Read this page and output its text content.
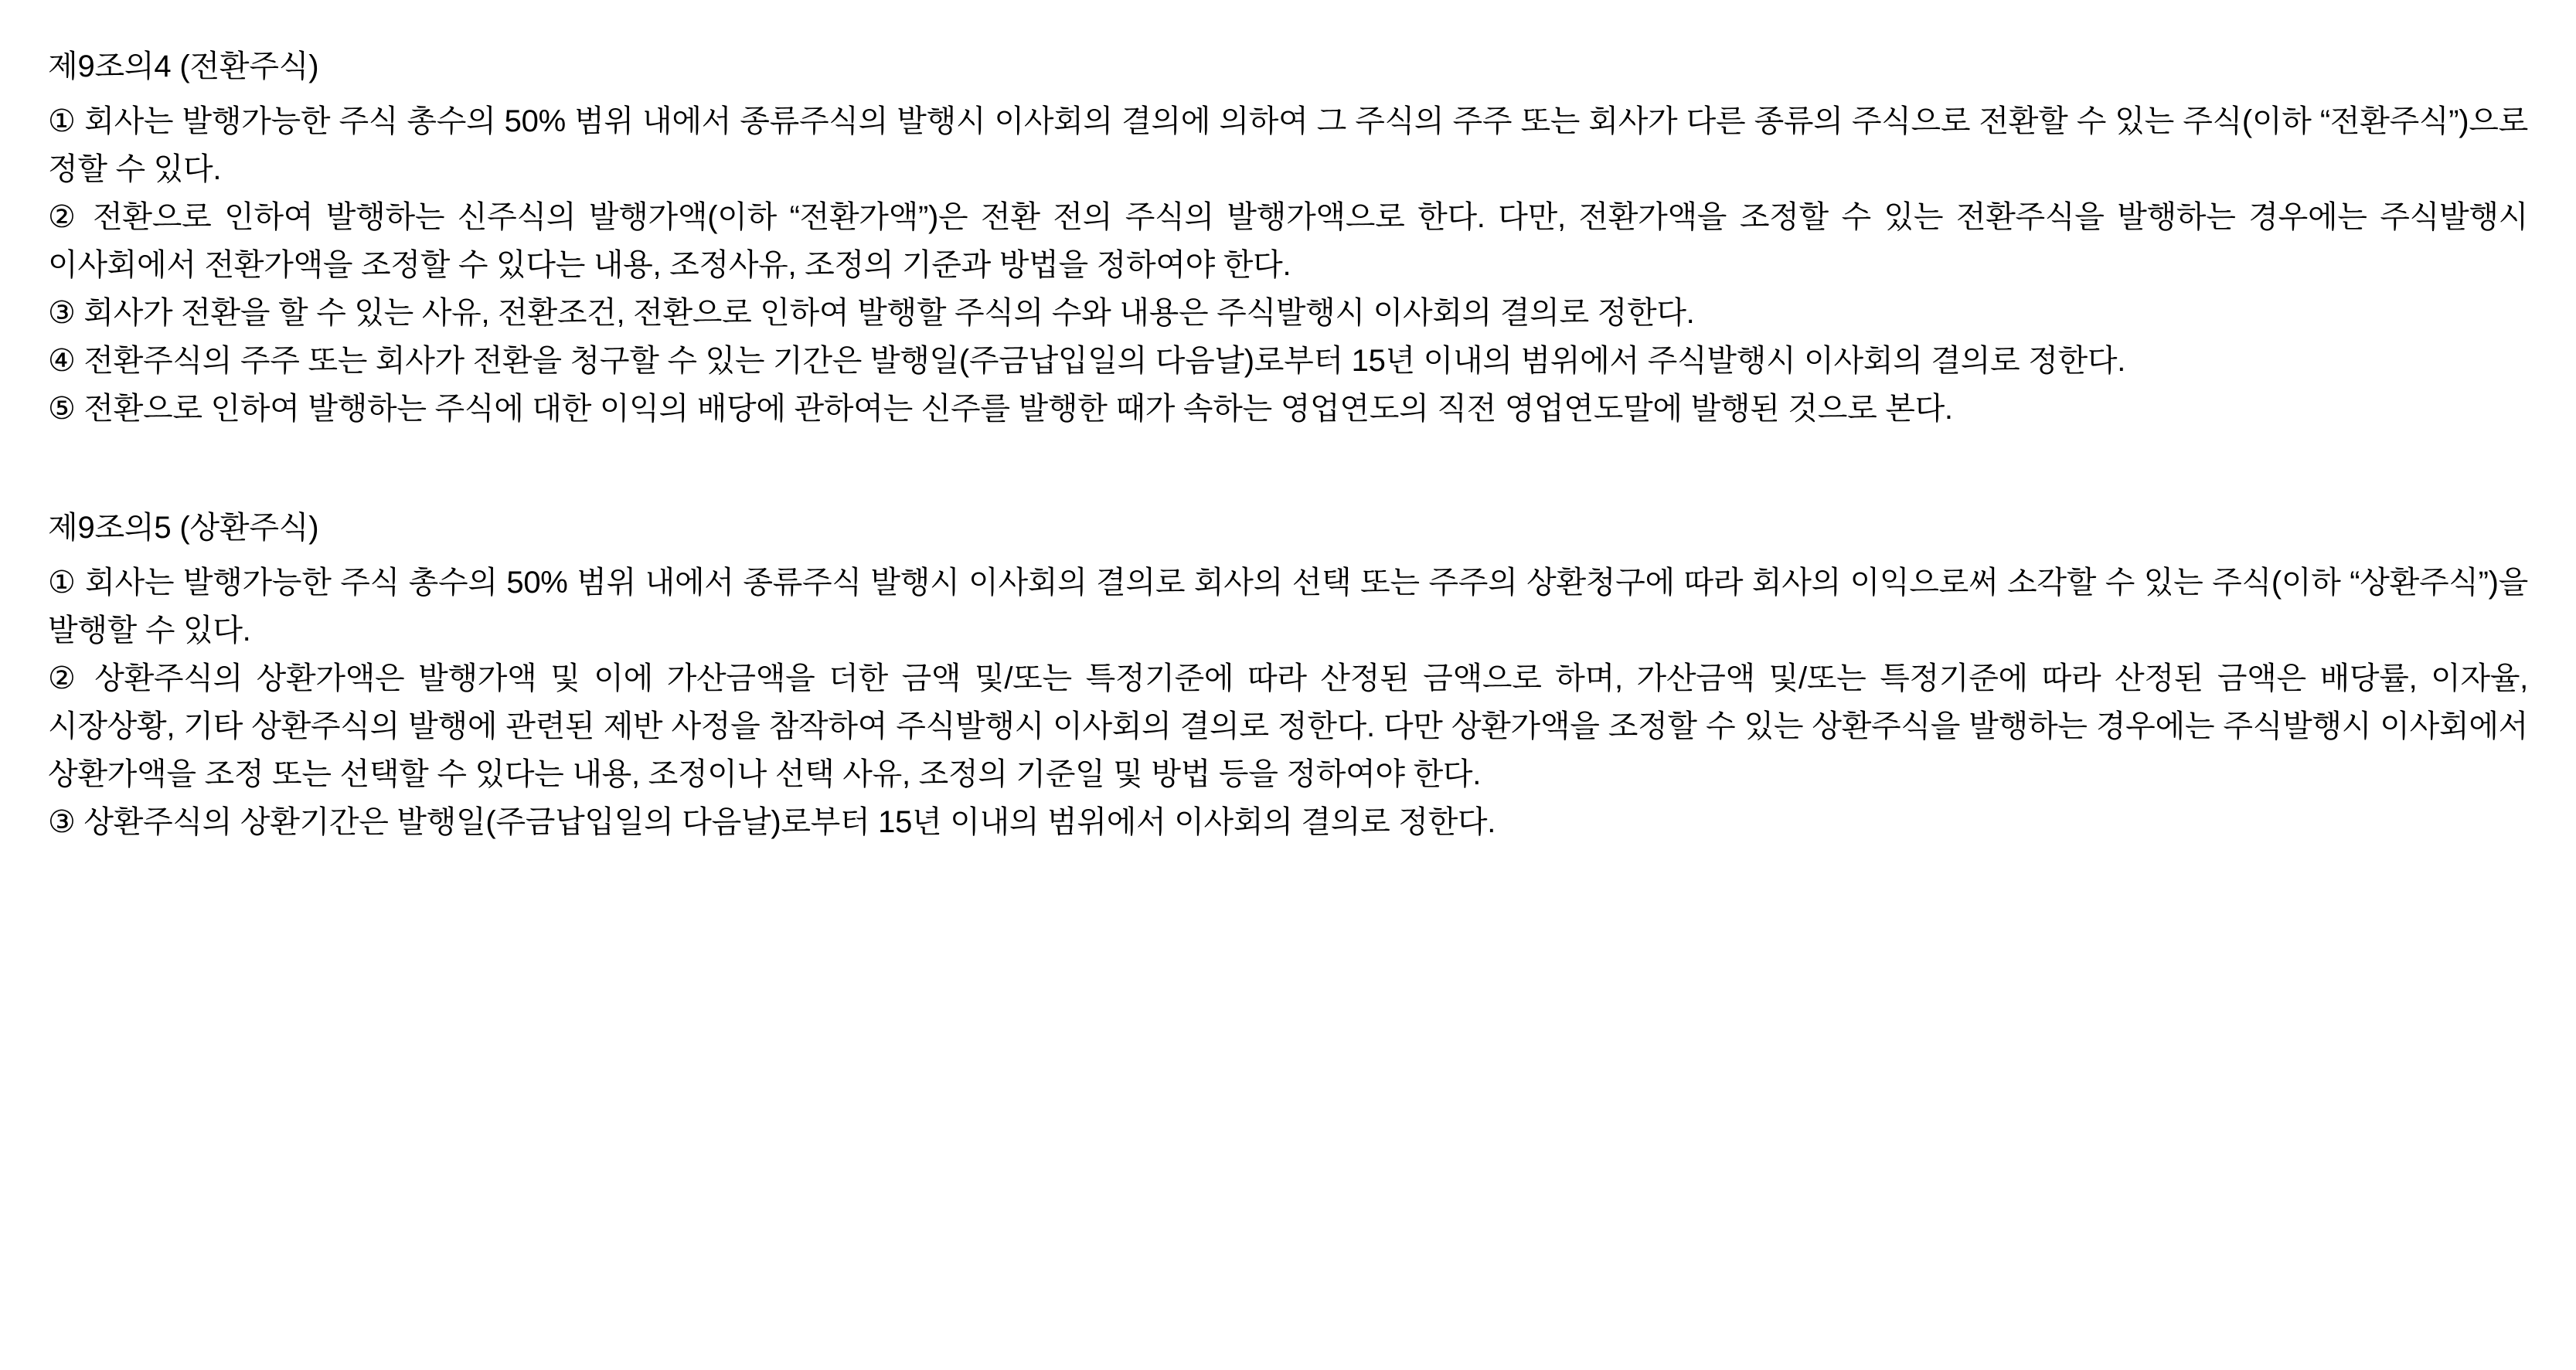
제9조의4 (전환주식)

① 회사는 발행가능한 주식 총수의 50% 범위 내에서 종류주식의 발행시 이사회의 결의에 의하여 그 주식의 주주 또는 회사가 다른 종류의 주식으로 전환할 수 있는 주식(이하 “전환주식”)으로 정할 수 있다.

② 전환으로 인하여 발행하는 신주식의 발행가액(이하 “전환가액”)은 전환 전의 주식의 발행가액으로 한다. 다만, 전환가액을 조정할 수 있는 전환주식을 발행하는 경우에는 주식발행시 이사회에서 전환가액을 조정할 수 있다는 내용, 조정사유, 조정의 기준과 방법을 정하여야 한다.

③ 회사가 전환을 할 수 있는 사유, 전환조건, 전환으로 인하여 발행할 주식의 수와 내용은 주식발행시 이사회의 결의로 정한다.

④ 전환주식의 주주 또는 회사가 전환을 청구할 수 있는 기간은 발행일(주금납입일의 다음날)로부터 15년 이내의 범위에서 주식발행시 이사회의 결의로 정한다.

⑤ 전환으로 인하여 발행하는 주식에 대한 이익의 배당에 관하여는 신주를 발행한 때가 속하는 영업연도의 직전 영업연도말에 발행된 것으로 본다.

제9조의5 (상환주식)

① 회사는 발행가능한 주식 총수의 50% 범위 내에서 종류주식 발행시 이사회의 결의로 회사의 선택 또는 주주의 상환청구에 따라 회사의 이익으로써 소각할 수 있는 주식(이하 “상환주식”)을 발행할 수 있다.

② 상환주식의 상환가액은 발행가액 및 이에 가산금액을 더한 금액 및/또는 특정기준에 따라 산정된 금액으로 하며, 가산금액 및/또는 특정기준에 따라 산정된 금액은 배당률, 이자율, 시장상황, 기타 상환주식의 발행에 관련된 제반 사정을 참작하여 주식발행시 이사회의 결의로 정한다. 다만 상환가액을 조정할 수 있는 상환주식을 발행하는 경우에는 주식발행시 이사회에서 상환가액을 조정 또는 선택할 수 있다는 내용, 조정이나 선택 사유, 조정의 기준일 및 방법 등을 정하여야 한다.

③ 상환주식의 상환기간은 발행일(주금납입일의 다음날)로부터 15년 이내의 범위에서 이사회의 결의로 정한다.
